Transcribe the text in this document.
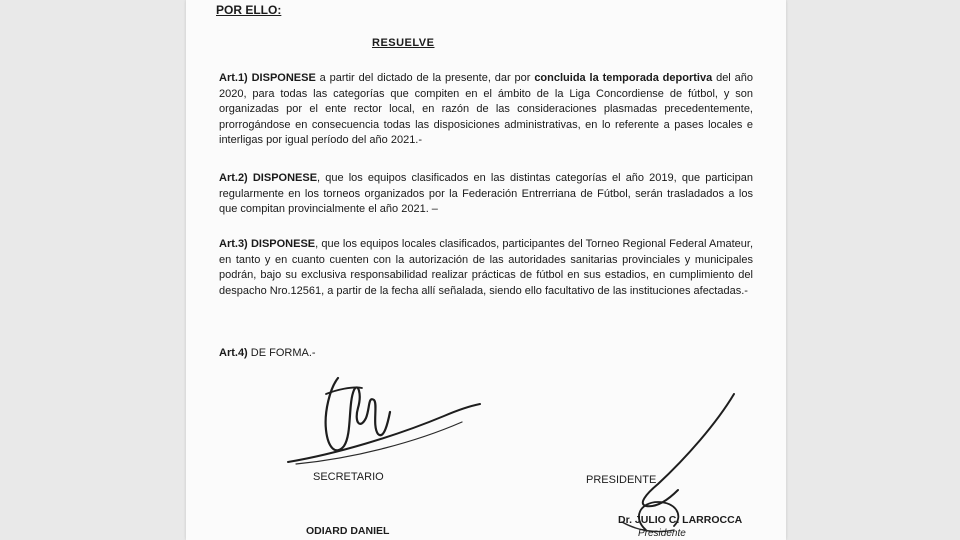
POR ELLO:

RESUELVE

Art.1) DISPONESE a partir del dictado de la presente, dar por concluida la temporada deportiva del año 2020, para todas las categorías que compiten en el ámbito de la Liga Concordiense de fútbol, y son organizadas por el ente rector local, en razón de las consideraciones plasmadas precedentemente, prorrogándose en consecuencia todas las disposiciones administrativas, en lo referente a pases locales e interligas por igual período del año 2021.-

Art.2) DISPONESE, que los equipos clasificados en las distintas categorías el año 2019, que participan regularmente en los torneos organizados por la Federación Entrerriana de Fútbol, serán trasladados a los que compitan provincialmente el año 2021. –

Art.3) DISPONESE, que los equipos locales clasificados, participantes del Torneo Regional Federal Amateur, en tanto y en cuanto cuenten con la autorización de las autoridades sanitarias provinciales y municipales podrán, bajo su exclusiva responsabilidad realizar prácticas de fútbol en sus estadios, en cumplimiento del despacho Nro.12561, a partir de la fecha allí señalada, siendo ello facultativo de las instituciones afectadas.-

Art.4) DE FORMA.-

SECRETARIO

ODIARD DANIEL

PRESIDENTE

Dr. JULIO C. LARROCCA

Presidente
